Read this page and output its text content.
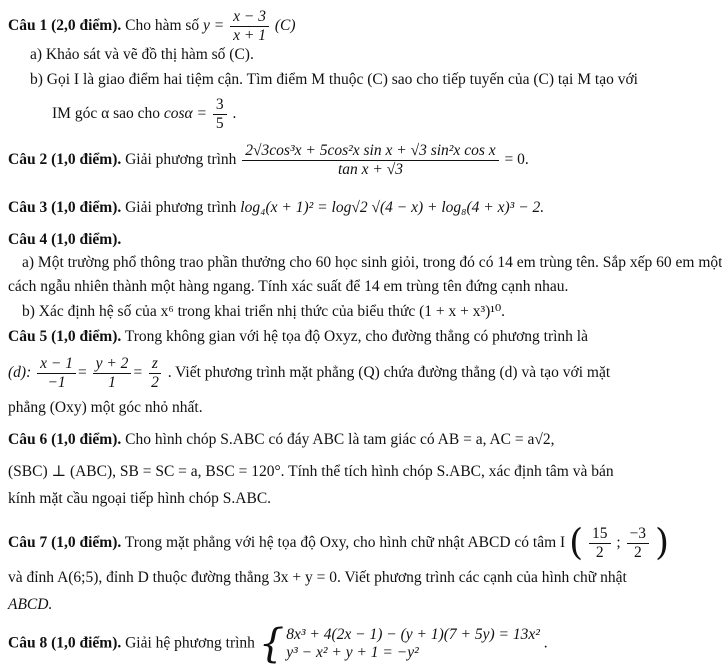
Câu 1 (2,0 điểm). Cho hàm số $y = \frac{x - 3}{x + 1} (C)$
a) Khảo sát và vẽ đồ thị hàm số (C).
b) Gọi I là giao điểm hai tiệm cận. Tìm điểm M thuộc (C) sao cho tiếp tuyến của (C) tại M tạo với
IM góc α sao cho $\cos\alpha = \frac{3}{5}$ .
Câu 2 (1,0 điểm). Giải phương trình $\frac{\text{2√3cos³x + 5cos²x sin x + √3 sin²x cos x}}{\text{tan x + √3}} = 0$.
Câu 3 (1,0 điểm). Giải phương trình log₄(x + 1)² = log√2 √(4 − x) + log₈(4 + x)³ − 2.
Câu 4 (1,0 điểm).
a) Một trường phổ thông trao phần thưởng cho 60 học sinh giỏi, trong đó có 14 em trùng tên. Sắp xếp 60 em một
cách ngẫu nhiên thành một hàng ngang. Tính xác suất để 14 em trùng tên đứng cạnh nhau.
b) Xác định hệ số của x⁶ trong khai triển nhị thức của biểu thức (1 + x + x³)¹⁰.
Câu 5 (1,0 điểm). Trong không gian với hệ tọa độ Oxyz, cho đường thẳng có phương trình là
(d): $\frac{x - 1}{-1} = \frac{y + 2}{1} = \frac{z}{2}$ . Viết phương trình mặt phẳng (Q) chứa đường thẳng (d) và tạo với mặt
phẳng (Oxy) một góc nhỏ nhất.
Câu 6 (1,0 điểm). Cho hình chóp S.ABC có đáy ABC là tam giác có AB = a, AC = a√2,
(SBC) ⊥ (ABC), SB = SC = a, BSC = 120°. Tính thể tích hình chóp S.ABC, xác định tâm và bán
kính mặt cầu ngoại tiếp hình chóp S.ABC.
Câu 7 (1,0 điểm). Trong mặt phẳng với hệ tọa độ Oxy, cho hình chữ nhật ABCD có tâm I ( $\frac{15}{2}$ ; $\frac{-3}{2}$ )
và đỉnh A(6;5), đỉnh D thuộc đường thẳng 3x + y = 0. Viết phương trình các cạnh của hình chữ nhật
ABCD.
Câu 8 (1,0 điểm). Giải hệ phương trình { 8x³ + 4(2x − 1) − (y + 1)(7 + 5y) = 13x²
y³ − x² + y + 1 = −y²
.
